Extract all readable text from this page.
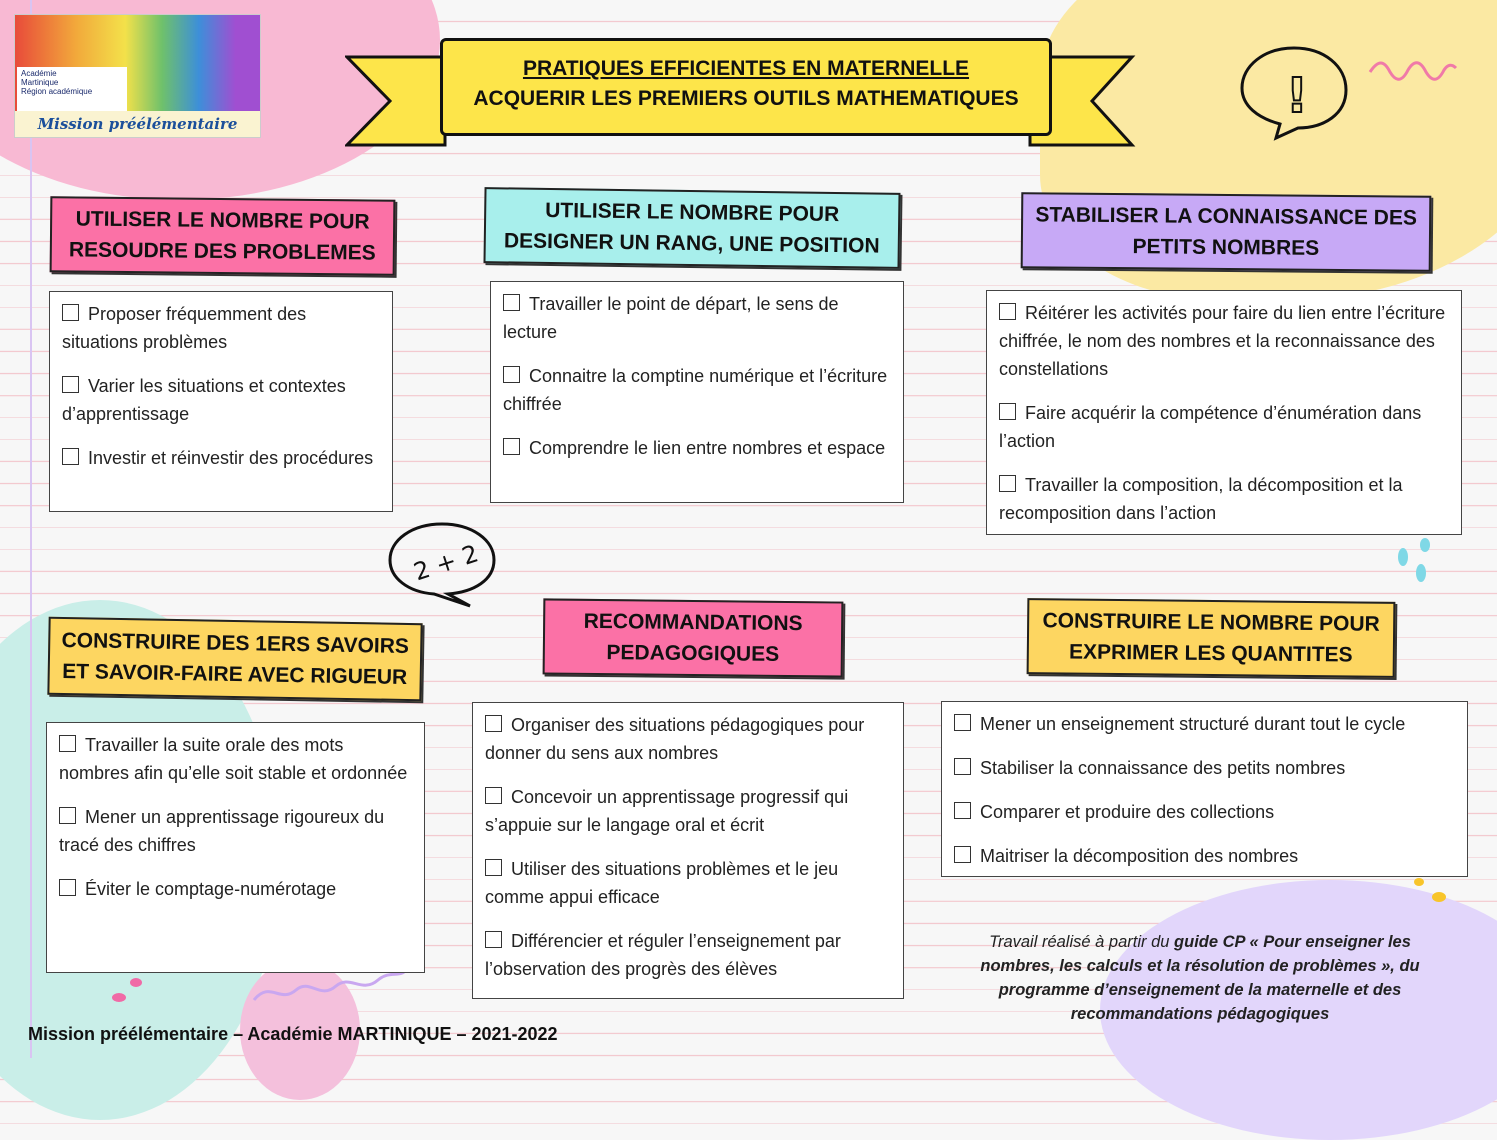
Académie
Martinique
Région académique
Mission préélémentaire
PRATIQUES EFFICIENTES EN MATERNELLE
ACQUERIR LES PREMIERS OUTILS MATHEMATIQUES	!
2 + 2
UTILISER LE NOMBRE POUR
RESOUDRE DES PROBLEMES
Proposer fréquemment des situations problèmes
Varier les situations et contextes d’apprentissage
Investir et réinvestir des procédures
UTILISER LE NOMBRE POUR
DESIGNER UN RANG, UNE POSITION
Travailler le point de départ, le sens de lecture
Connaitre la comptine numérique et l’écriture chiffrée
Comprendre le lien entre nombres et espace
STABILISER LA CONNAISSANCE DES
PETITS NOMBRES
Réitérer les activités pour faire du lien entre l’écriture chiffrée, le nom des nombres et la reconnaissance des constellations
Faire acquérir la compétence d’énumération dans l’action
Travailler la composition, la décomposition et la recomposition dans l’action
CONSTRUIRE DES 1ERS SAVOIRS
ET SAVOIR-FAIRE AVEC RIGUEUR
Travailler la suite orale des mots nombres afin qu’elle soit stable et ordonnée
Mener un apprentissage rigoureux du tracé des chiffres
Éviter le comptage-numérotage
RECOMMANDATIONS
PEDAGOGIQUES
Organiser des situations pédagogiques pour donner du sens aux nombres
Concevoir un apprentissage progressif qui s’appuie sur le langage oral et écrit
Utiliser des situations problèmes et le jeu comme appui efficace
Différencier et réguler l’enseignement par l’observation des progrès des élèves
CONSTRUIRE LE NOMBRE POUR
EXPRIMER LES QUANTITES
Mener un enseignement structuré durant tout le cycle
Stabiliser la connaissance des petits nombres
Comparer et produire des collections
Maitriser la décomposition des nombres
Travail réalisé à partir du guide CP « Pour enseigner les nombres, les calculs et la résolution de problèmes », du programme d’enseignement de la maternelle et des recommandations pédagogiques
Mission préélémentaire – Académie MARTINIQUE – 2021-2022
